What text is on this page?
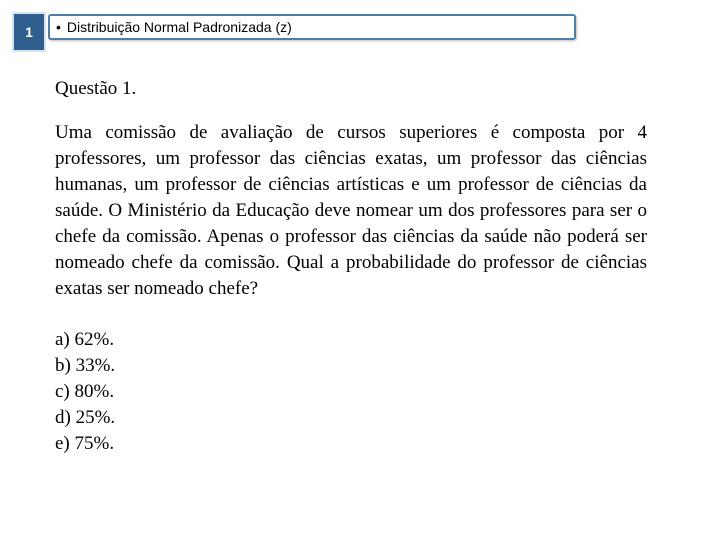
1 • Distribuição Normal Padronizada (z)

Questão 1.

Uma comissão de avaliação de cursos superiores é composta por 4 professores, um professor das ciências exatas, um professor das ciências humanas, um professor de ciências artísticas e um professor de ciências da saúde. O Ministério da Educação deve nomear um dos professores para ser o chefe da comissão. Apenas o professor das ciências da saúde não poderá ser nomeado chefe da comissão. Qual a probabilidade do professor de ciências exatas ser nomeado chefe?

a) 62%.

b) 33%.

c) 80%.

d) 25%.

e) 75%.
